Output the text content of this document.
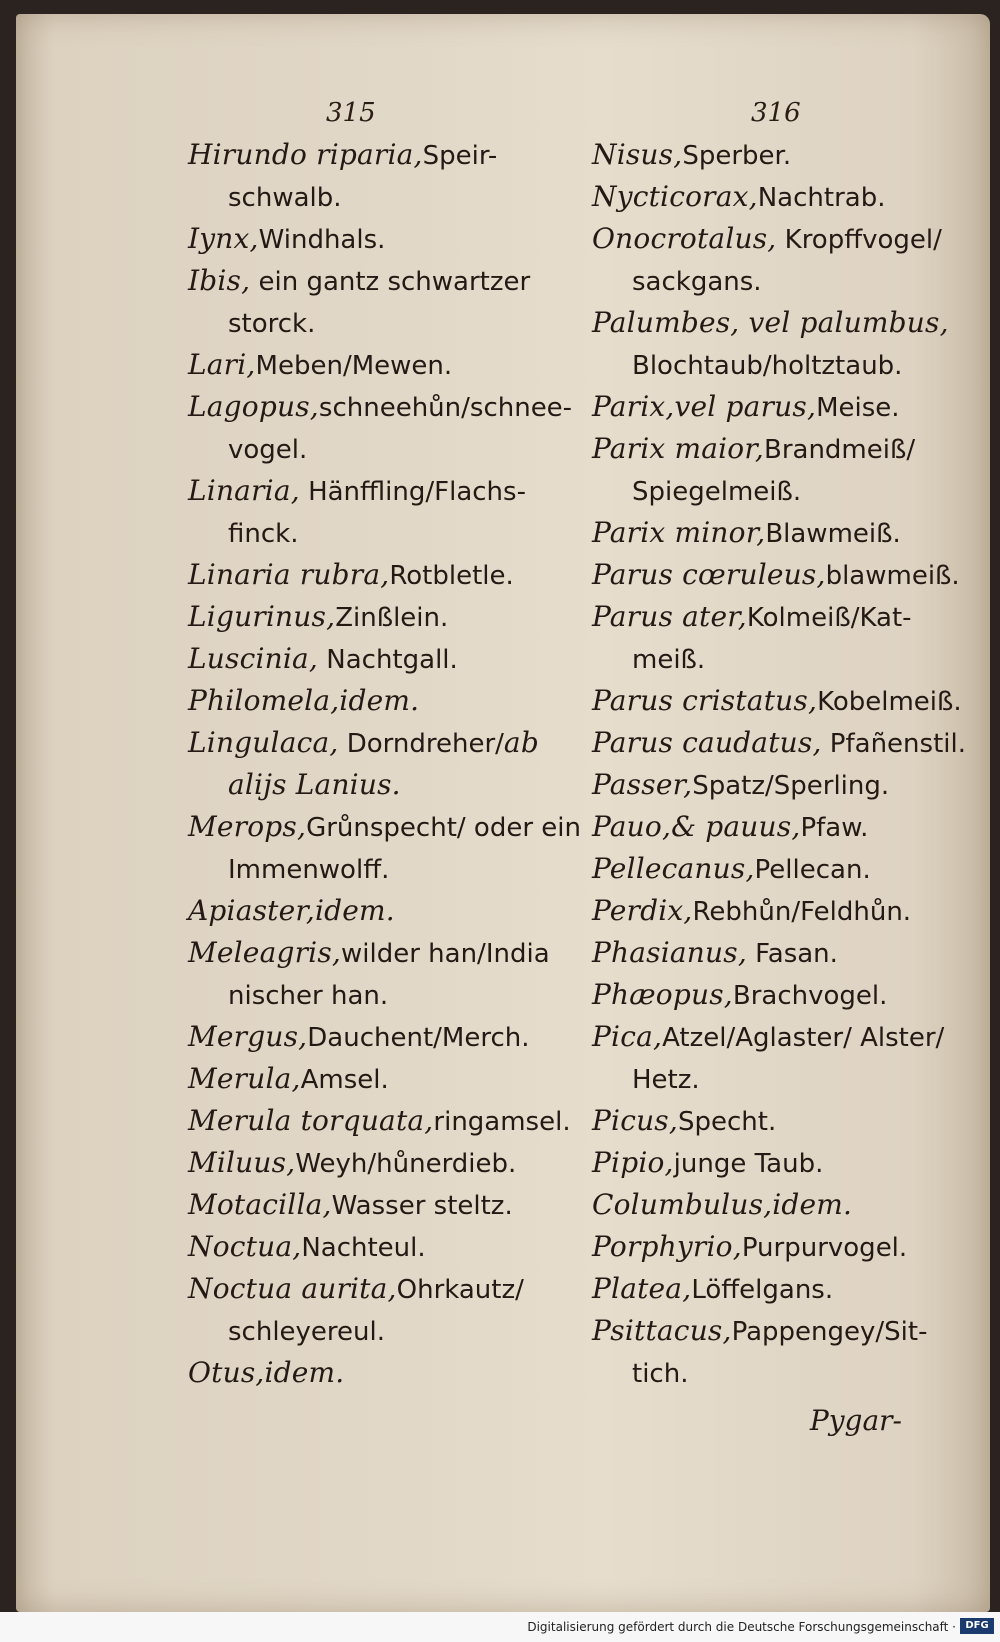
315	316
Hirundo riparia,Speir-
schwalb.
Iynx,Windhals.
Ibis, ein gantz schwartzer
storck.
Lari,Meben/Mewen.
Lagopus,schneehůn/schnee-
vogel.
Linaria, Hänffling/Flachs-
finck.
Linaria rubra,Rotbletle.
Ligurinus,Zinßlein.
Luscinia, Nachtgall.
Philomela,idem.
Lingulaca, Dorndreher/ab
alijs Lanius.
Merops,Grůnspecht/ oder ein
Immenwolff.
Apiaster,idem.
Meleagris,wilder han/India
nischer han.
Mergus,Dauchent/Merch.
Merula,Amsel.
Merula torquata,ringamsel.
Miluus,Weyh/hůnerdieb.
Motacilla,Wasser steltz.
Noctua,Nachteul.
Noctua aurita,Ohrkautz/
schleyereul.
Otus,idem.
Nisus,Sperber.
Nycticorax,Nachtrab.
Onocrotalus, Kropffvogel/
sackgans.
Palumbes, vel palumbus,
Blochtaub/holtztaub.
Parix,vel parus,Meise.
Parix maior,Brandmeiß/
Spiegelmeiß.
Parix minor,Blawmeiß.
Parus cœruleus,blawmeiß.
Parus ater,Kolmeiß/Kat-
meiß.
Parus cristatus,Kobelmeiß.
Parus caudatus, Pfañenstil.
Passer,Spatz/Sperling.
Pauo,& pauus,Pfaw.
Pellecanus,Pellecan.
Perdix,Rebhůn/Feldhůn.
Phasianus, Fasan.
Phæopus,Brachvogel.
Pica,Atzel/Aglaster/ Alster/
Hetz.
Picus,Specht.
Pipio,junge Taub.
Columbulus,idem.
Porphyrio,Purpurvogel.
Platea,Löffelgans.
Psittacus,Pappengey/Sit-
tich.
Pygar-
Digitalisierung gefördert durch die Deutsche Forschungsgemeinschaft · DFG
